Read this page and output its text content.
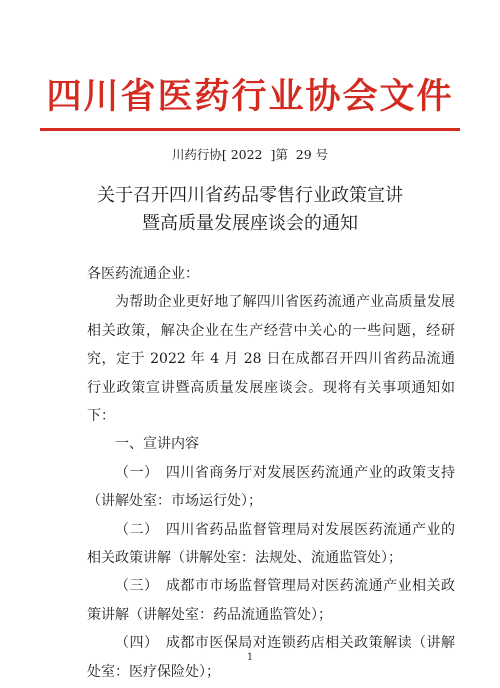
四川省医药行业协会文件
川药行协[ 2022  ]第  29 号
关于召开四川省药品零售行业政策宣讲
暨高质量发展座谈会的通知

各医药流通企业：

为帮助企业更好地了解四川省医药流通产业高质量发展相关政策，解决企业在生产经营中关心的一些问题，经研究，定于 2022 年 4 月 28 日在成都召开四川省药品流通行业政策宣讲暨高质量发展座谈会。现将有关事项通知如下：

一、宣讲内容

（一）　四川省商务厅对发展医药流通产业的政策支持（讲解处室：市场运行处）；

（二）　四川省药品监督管理局对发展医药流通产业的相关政策讲解（讲解处室：法规处、流通监管处）；

（三）　成都市市场监督管理局对医药流通产业相关政策讲解（讲解处室：药品流通监管处）；

（四）　成都市医保局对连锁药店相关政策解读（讲解处室：医疗保险处）；

1
